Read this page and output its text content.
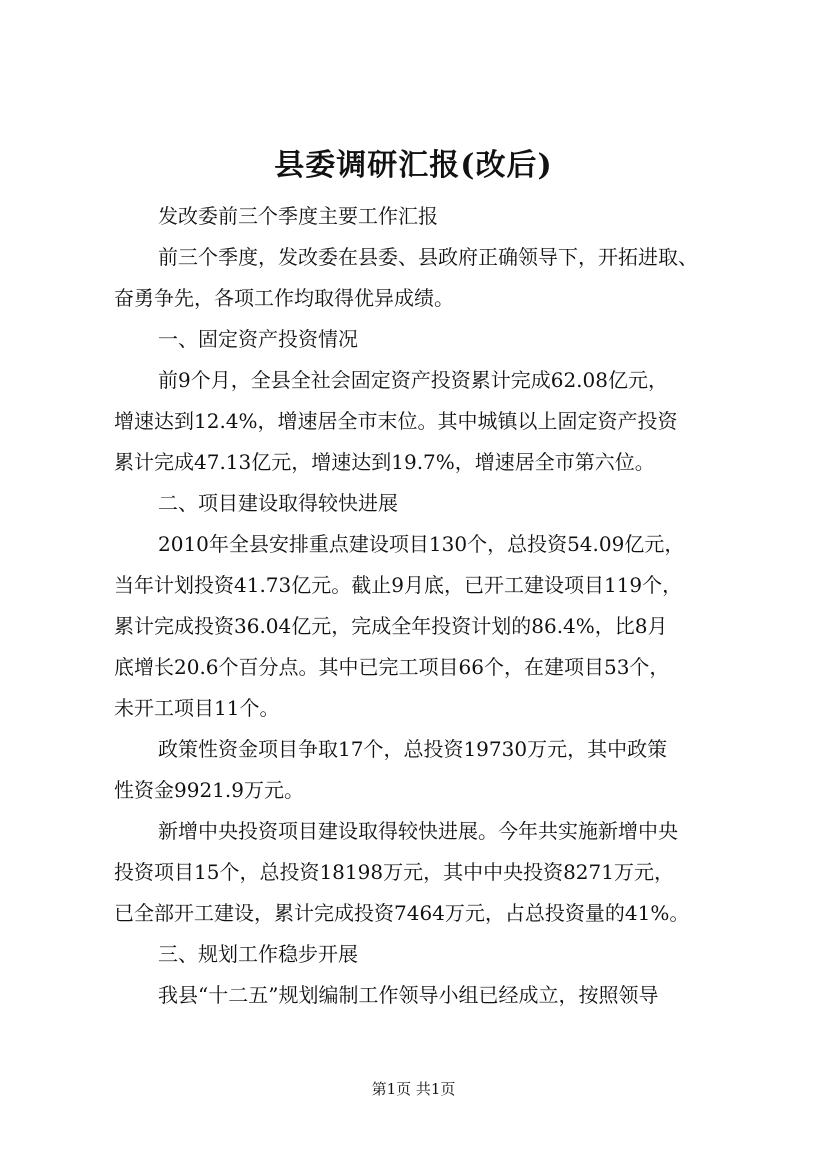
县委调研汇报(改后)
发改委前三个季度主要工作汇报
前三个季度，发改委在县委、县政府正确领导下，开拓进取、
奋勇争先，各项工作均取得优异成绩。
一、固定资产投资情况
前9个月，全县全社会固定资产投资累计完成62.08亿元，
增速达到12.4%，增速居全市末位。其中城镇以上固定资产投资
累计完成47.13亿元，增速达到19.7%，增速居全市第六位。
二、项目建设取得较快进展
2010年全县安排重点建设项目130个，总投资54.09亿元，
当年计划投资41.73亿元。截止9月底，已开工建设项目119个，
累计完成投资36.04亿元，完成全年投资计划的86.4%，比8月
底增长20.6个百分点。其中已完工项目66个，在建项目53个，
未开工项目11个。
政策性资金项目争取17个，总投资19730万元，其中政策
性资金9921.9万元。
新增中央投资项目建设取得较快进展。今年共实施新增中央
投资项目15个，总投资18198万元，其中中央投资8271万元，
已全部开工建设，累计完成投资7464万元，占总投资量的41%。
三、规划工作稳步开展
我县“十二五”规划编制工作领导小组已经成立，按照领导
第1页 共1页
